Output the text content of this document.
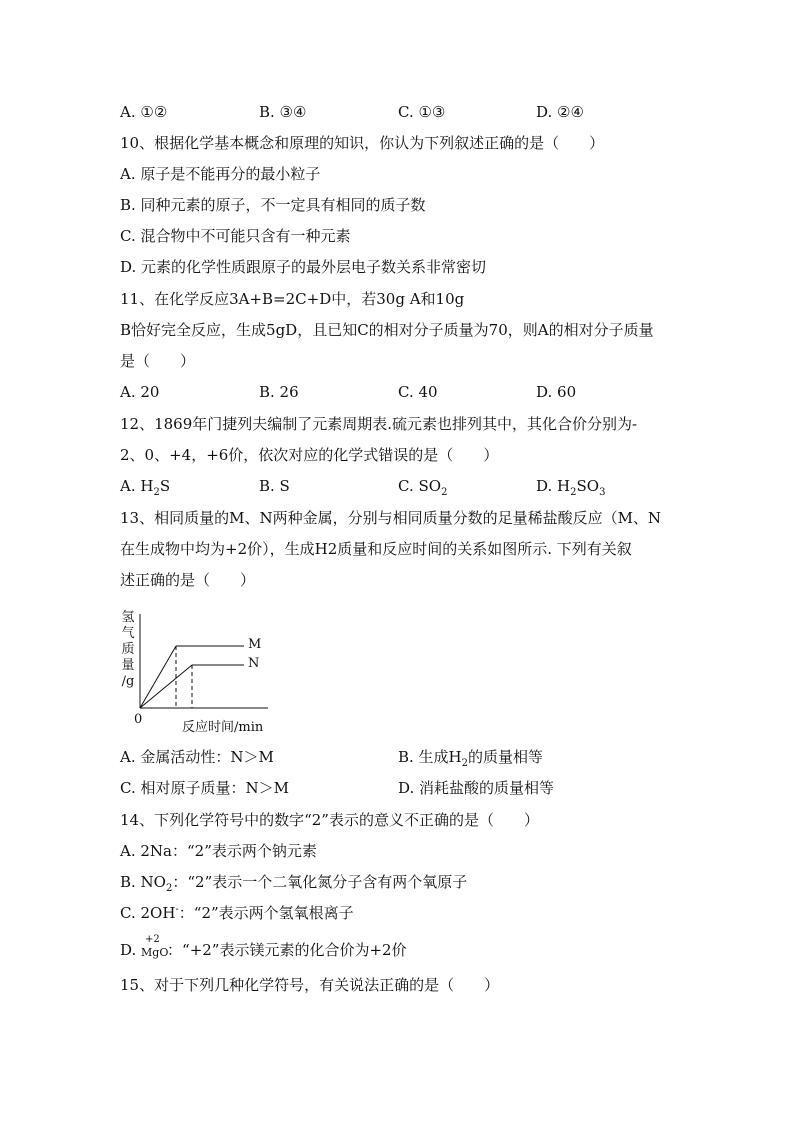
A. ①②	B. ③④	C. ①③	D. ②④
10、根据化学基本概念和原理的知识，你认为下列叙述正确的是（　　）
A. 原子是不能再分的最小粒子
B. 同种元素的原子，不一定具有相同的质子数
C. 混合物中不可能只含有一种元素
D. 元素的化学性质跟原子的最外层电子数关系非常密切
11、在化学反应3A+B=2C+D中，若30g A和10g
B恰好完全反应，生成5gD，且已知C的相对分子质量为70，则A的相对分子质量
是（　　）
A. 20	B. 26	C. 40	D. 60
12、1869年门捷列夫编制了元素周期表.硫元素也排列其中，其化合价分别为-
2、0、+4，+6价，依次对应的化学式错误的是（　　）
A. $H_2S$	B. S	C. $SO_2$	D. $H_2SO_3$
13、相同质量的M、N两种金属，分别与相同质量分数的足量稀盐酸反应（M、N
在生成物中均为+2价），生成H2质量和反应时间的关系如图所示. 下列有关叙
述正确的是（　　）
氢
气
质
量
/g
M
N
0
反应时间/min
A. 金属活动性：N＞M	B. 生成$H_2$的质量相等
C. 相对原子质量：N＞M	D. 消耗盐酸的质量相等
14、下列化学符号中的数字“2”表示的意义不正确的是（　　）
A. 2Na：“2”表示两个钠元素
B. $NO_2$：“2”表示一个二氧化氮分子含有两个氧原子
C. 2OH-：“2”表示两个氢氧根离子
D.
+2
MgO
：“+2”表示镁元素的化合价为+2价
15、对于下列几种化学符号，有关说法正确的是（　　）
